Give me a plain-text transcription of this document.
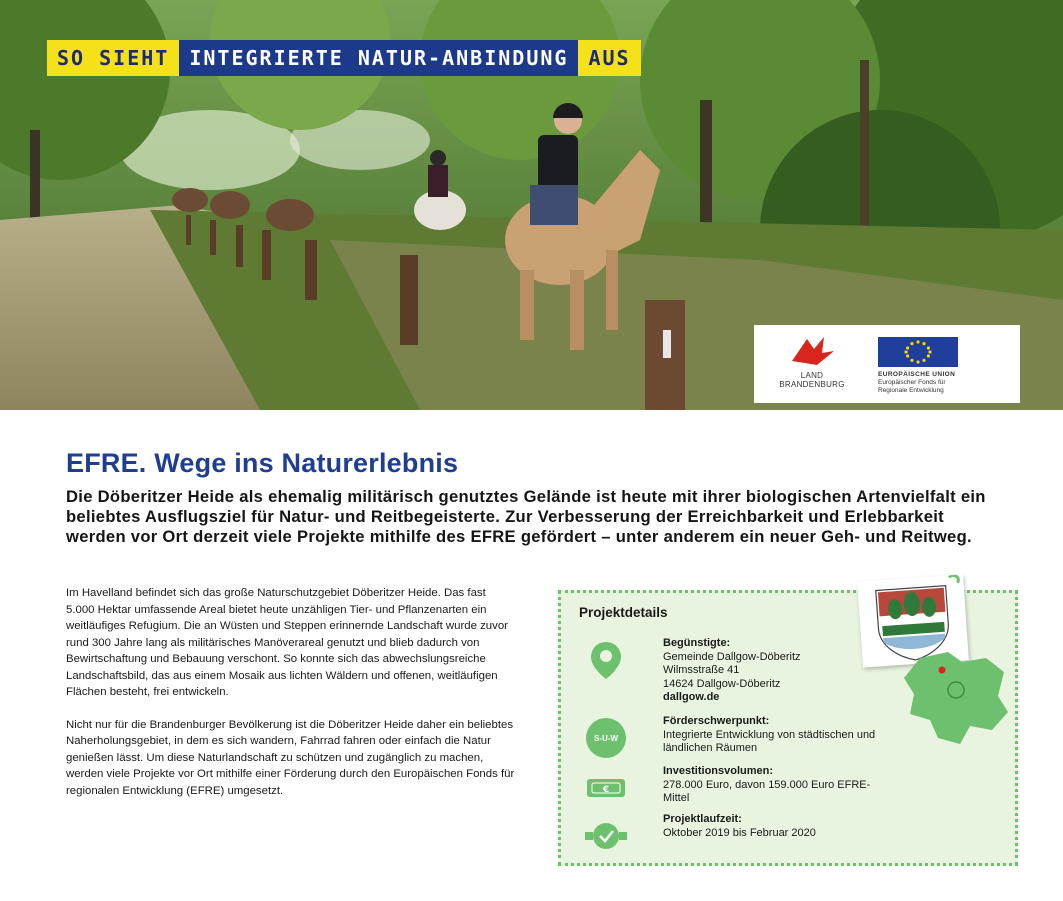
SO SIEHT	INTEGRIERTE NATUR-ANBINDUNG	AUS
LAND
BRANDENBURG
EUROPÄISCHE UNION
Europäischer Fonds für
Regionale Entwicklung
EFRE. Wege ins Naturerlebnis

Die Döberitzer Heide als ehemalig militärisch genutztes Gelände ist heute mit ihrer biologischen Artenvielfalt ein beliebtes Ausflugsziel für Natur- und Reitbegeisterte. Zur Verbesserung der Erreichbarkeit und Erlebbarkeit werden vor Ort derzeit viele Projekte mithilfe des EFRE gefördert – unter anderem ein neuer Geh- und Reitweg.

Im Havelland befindet sich das große Naturschutzgebiet Döberitzer Heide. Das fast 5.000 Hektar umfassende Areal bietet heute unzähligen Tier- und Pflanzenarten ein weitläufiges Refugium. Die an Wüsten und Steppen erinnernde Landschaft wurde zuvor rund 300 Jahre lang als militärisches Manöverareal genutzt und blieb dadurch von Bewirtschaftung und Bebauung verschont. So konnte sich das abwechslungsreiche Landschaftsbild, das aus einem Mosaik aus lichten Wäldern und offenen, weitläufigen Flächen besteht, frei entwickeln.

Nicht nur für die Brandenburger Bevölkerung ist die Döberitzer Heide daher ein beliebtes Naherholungsgebiet, in dem es sich wandern, Fahrrad fahren oder einfach die Natur genießen lässt. Um diese Naturlandschaft zu schützen und zugänglich zu machen, werden viele Projekte vor Ort mithilfe einer Förderung durch den Europäischen Fonds für regionalen Entwicklung (EFRE) umgesetzt.

Projektdetails
Begünstigte:
Gemeinde Dallgow-Döberitz
Wilmsstraße 41
14624 Dallgow-Döberitz
dallgow.de
S-U-W
Förderschwerpunkt:
Integrierte Entwicklung von städtischen und ländlichen Räumen
€
Investitionsvolumen:
278.000 Euro, davon 159.000 Euro EFRE-Mittel
Projektlaufzeit:
Oktober 2019 bis Februar 2020
